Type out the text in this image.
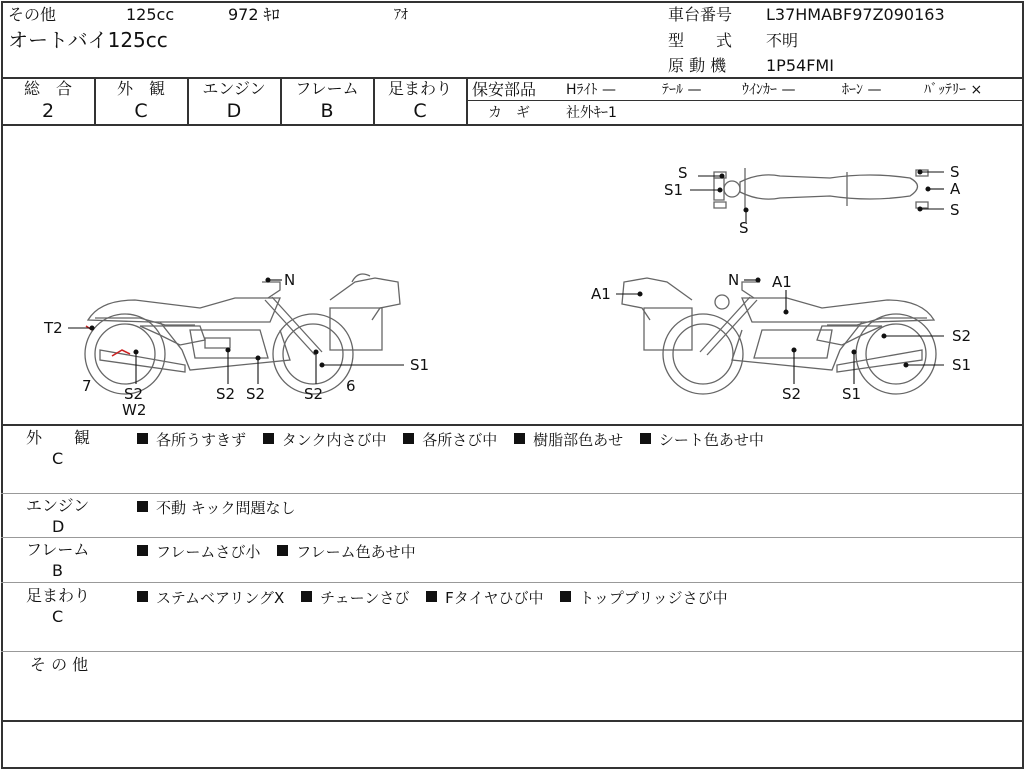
その他	125cc	972 ｷﾛ	ｱｵ
オートバイ125cc
車台番号 L37HMABF97Z090163
型　　式 不明
原 動 機 1P54FMI
総　合
2
外　観
C
エンジン
D
フレーム
B
足まわり
C
保安部品 Hﾗｲﾄ —	ﾃｰﾙ —	ｳｲﾝｶｰ —	ﾎｰﾝ —	ﾊﾞｯﾃﾘｰ ×
カ　ギ	社外ｷｰ1
S
S1
S
S
A
S
N
T2
7 S2
W2
S2 S2	S2 6
S1
A1
N A1
S2	S1
S2
S1
外　　観
C
各所うすきず タンク内さび中 各所さび中 樹脂部色あせ シート色あせ中
エンジン
D
不動 キック問題なし
フレーム
B
フレームさび小 フレーム色あせ中
足まわり
C
ステムベアリングX チェーンさび Fタイヤひび中 トップブリッジさび中
そ の 他
